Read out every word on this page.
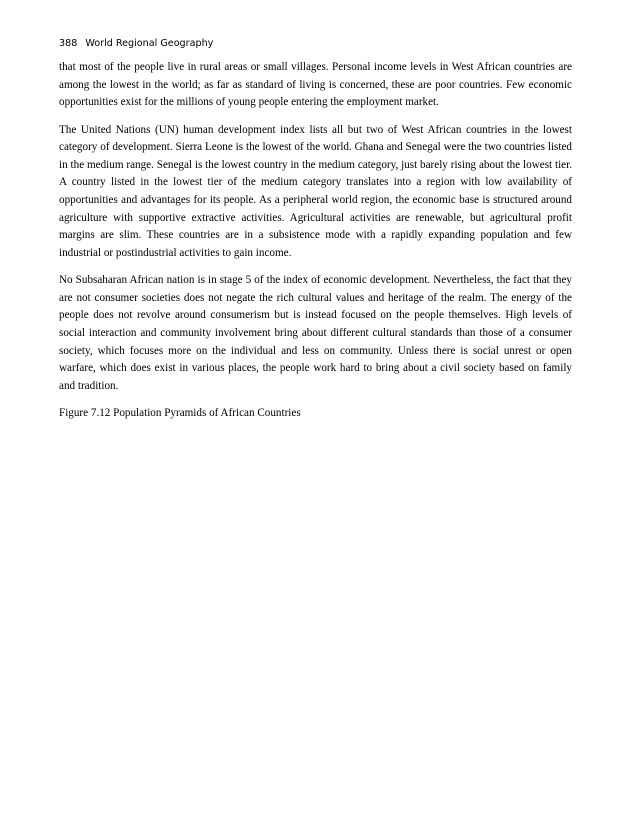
388 World Regional Geography

that most of the people live in rural areas or small villages. Personal income levels in West African countries are among the lowest in the world; as far as standard of living is concerned, these are poor countries. Few economic opportunities exist for the millions of young people entering the employment market.

The United Nations (UN) human development index lists all but two of West African countries in the lowest category of development. Sierra Leone is the lowest of the world. Ghana and Senegal were the two countries listed in the medium range. Senegal is the lowest country in the medium category, just barely rising about the lowest tier. A country listed in the lowest tier of the medium category translates into a region with low availability of opportunities and advantages for its people. As a peripheral world region, the economic base is structured around agriculture with supportive extractive activities. Agricultural activities are renewable, but agricultural profit margins are slim. These countries are in a subsistence mode with a rapidly expanding population and few industrial or postindustrial activities to gain income.

No Subsaharan African nation is in stage 5 of the index of economic development. Nevertheless, the fact that they are not consumer societies does not negate the rich cultural values and heritage of the realm. The energy of the people does not revolve around consumerism but is instead focused on the people themselves. High levels of social interaction and community involvement bring about different cultural standards than those of a consumer society, which focuses more on the individual and less on community. Unless there is social unrest or open warfare, which does exist in various places, the people work hard to bring about a civil society based on family and tradition.

Figure 7.12 Population Pyramids of African Countries
